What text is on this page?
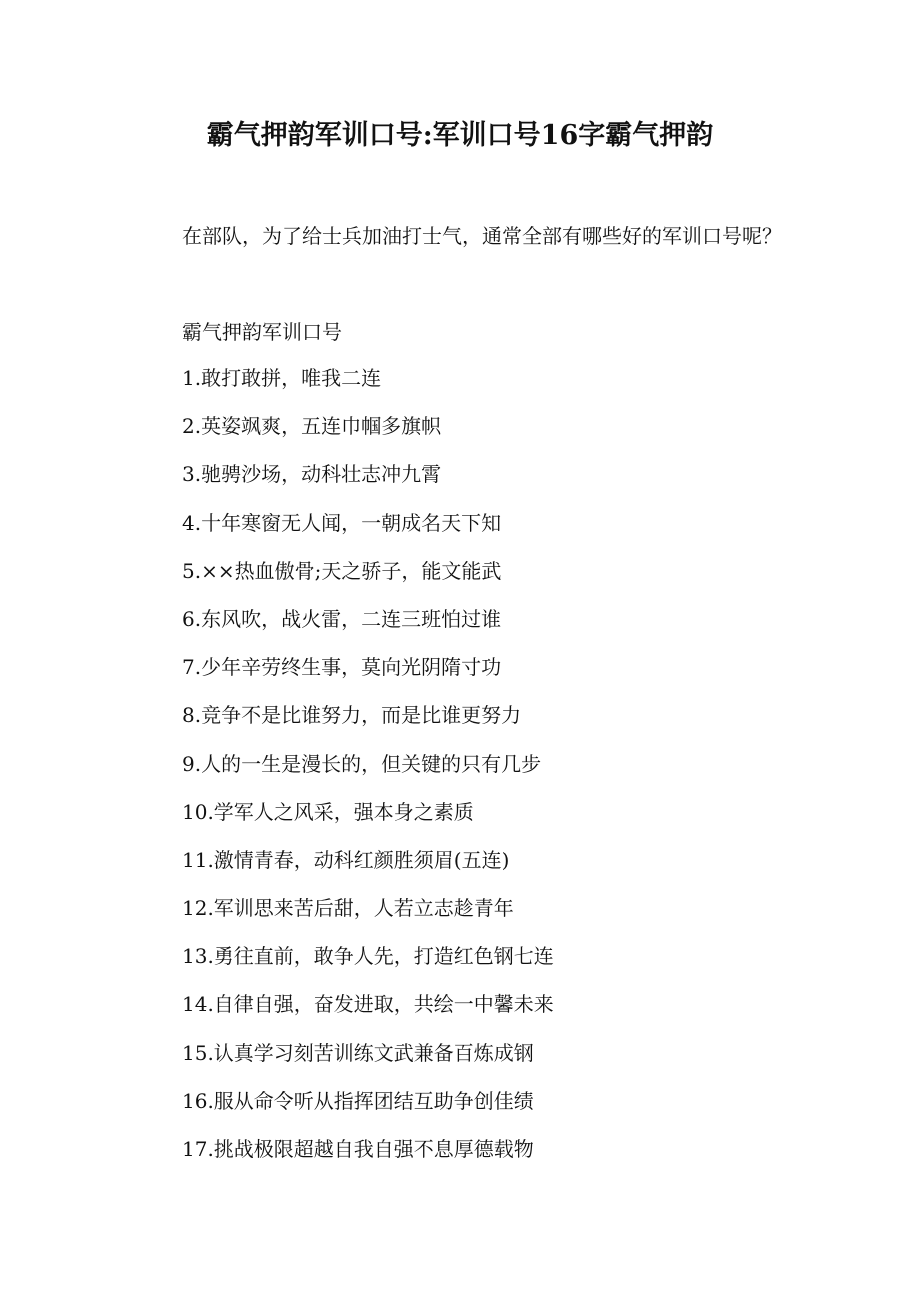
霸气押韵军训口号:军训口号16字霸气押韵

在部队，为了给士兵加油打士气，通常全部有哪些好的军训口号呢？

霸气押韵军训口号

1.敢打敢拼，唯我二连
2.英姿飒爽，五连巾帼多旗帜
3.驰骋沙场，动科壮志冲九霄
4.十年寒窗无人闻，一朝成名天下知
5.××热血傲骨;天之骄子，能文能武
6.东风吹，战火雷，二连三班怕过谁
7.少年辛劳终生事，莫向光阴隋寸功
8.竞争不是比谁努力，而是比谁更努力
9.人的一生是漫长的，但关键的只有几步
10.学军人之风采，强本身之素质
11.激情青春，动科红颜胜须眉(五连)
12.军训思来苦后甜，人若立志趁青年
13.勇往直前，敢争人先，打造红色钢七连
14.自律自强，奋发进取，共绘一中馨未来
15.认真学习刻苦训练文武兼备百炼成钢
16.服从命令听从指挥团结互助争创佳绩
17.挑战极限超越自我自强不息厚德载物
